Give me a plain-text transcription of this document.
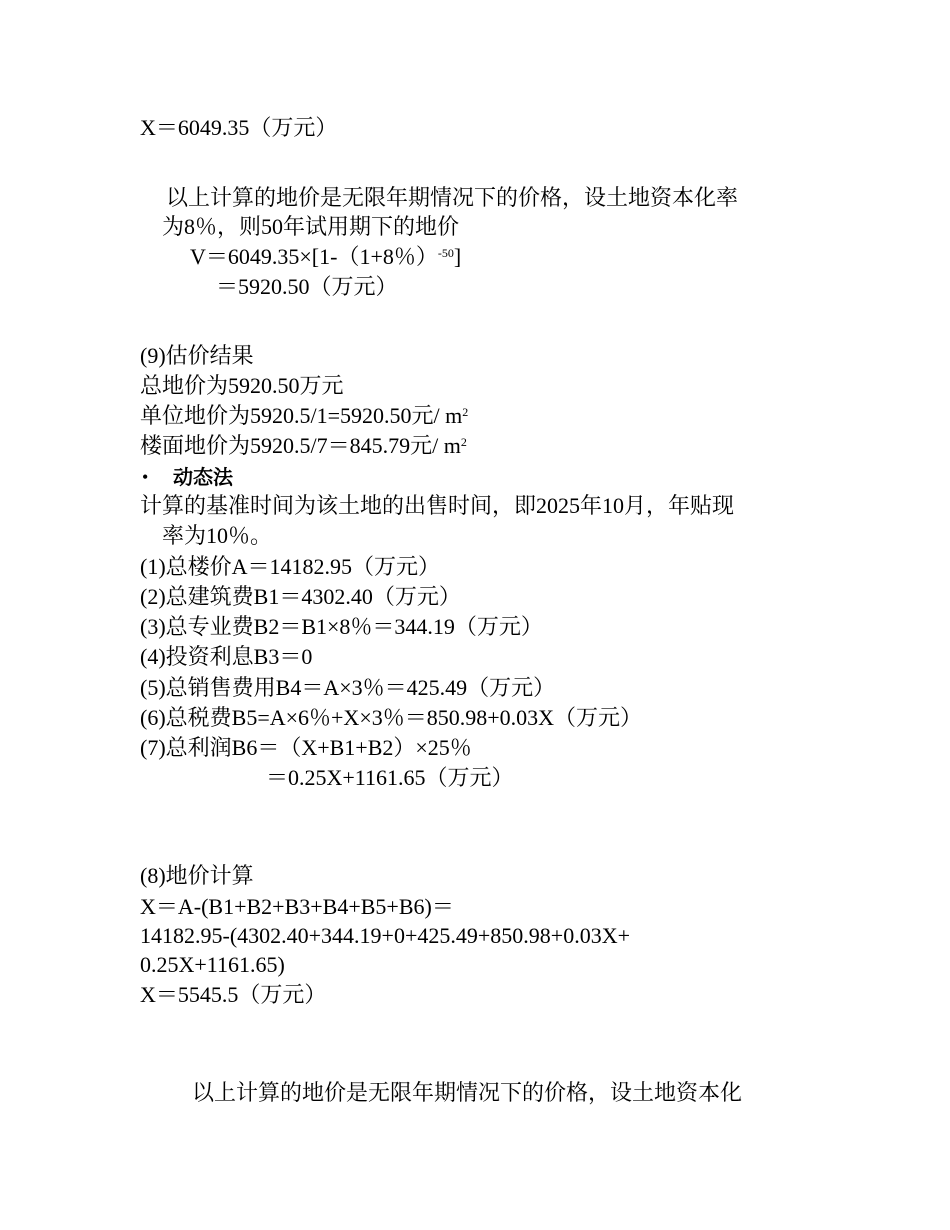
X＝6049.35（万元）
以上计算的地价是无限年期情况下的价格，设土地资本化率
为8％，则50年试用期下的地价
V＝6049.35×[1-（1+8％）$^{-50}$]
＝5920.50（万元）
(9)估价结果
总地价为5920.50万元
单位地价为5920.5/1=5920.50元/ $m^2$
楼面地价为5920.5/7＝845.79元/ $m^2$
• 动态法
计算的基准时间为该土地的出售时间，即2025年10月，年贴现
率为10％。
(1)总楼价A＝14182.95（万元）
(2)总建筑费B1＝4302.40（万元）
(3)总专业费B2＝B1×8％＝344.19（万元）
(4)投资利息B3＝0
(5)总销售费用B4＝A×3％＝425.49（万元）
(6)总税费B5=A×6％+X×3％＝850.98+0.03X（万元）
(7)总利润B6＝（X+B1+B2）×25％
＝0.25X+1161.65（万元）
(8)地价计算
X＝A-(B1+B2+B3+B4+B5+B6)＝
14182.95-(4302.40+344.19+0+425.49+850.98+0.03X+
0.25X+1161.65)
X＝5545.5（万元）
以上计算的地价是无限年期情况下的价格，设土地资本化
